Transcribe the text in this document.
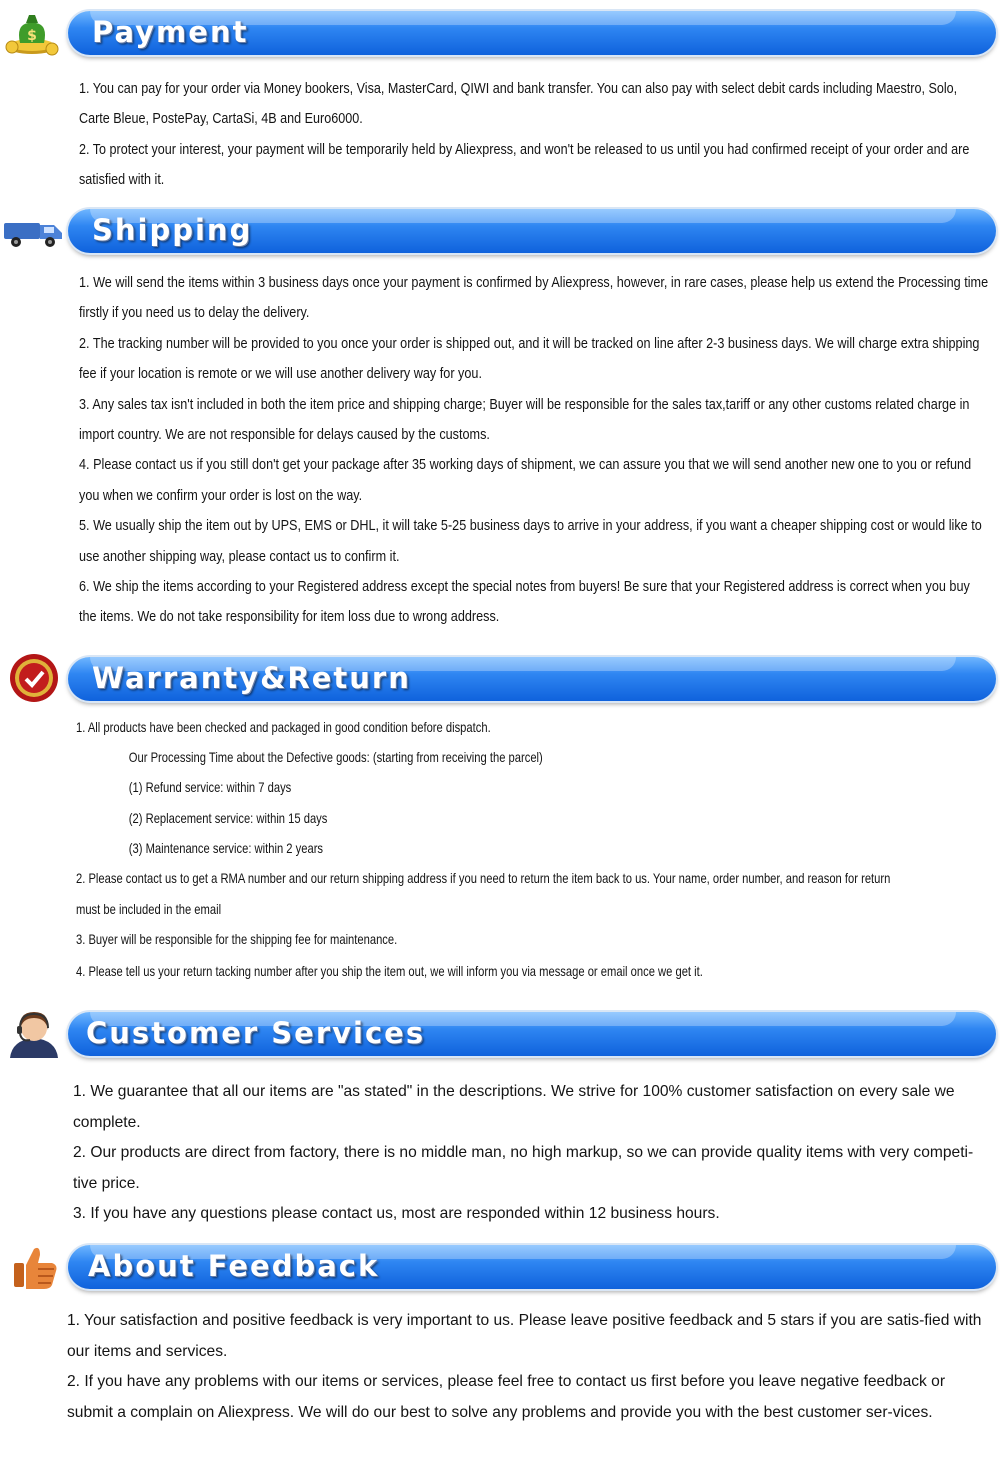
$ Payment

1. You can pay for your order via Money bookers, Visa, MasterCard, QIWI and bank transfer. You can also pay with select debit cards including Maestro, Solo, Carte Bleue, PostePay, CartaSi, 4B and Euro6000.
2. To protect your interest, your payment will be temporarily held by Aliexpress, and won't be released to us until you had confirmed receipt of your order and are satisfied with it.

Shipping

1. We will send the items within 3 business days once your payment is confirmed by Aliexpress, however, in rare cases, please help us extend the Processing time firstly if you need us to delay the delivery.
2. The tracking number will be provided to you once your order is shipped out, and it will be tracked on line after 2-3 business days. We will charge extra shipping fee if your location is remote or we will use another delivery way for you.
3. Any sales tax isn't included in both the item price and shipping charge; Buyer will be responsible for the sales tax,tariff or any other customs related charge in import country. We are not responsible for delays caused by the customs.
4. Please contact us if you still don't get your package after 35 working days of shipment, we can assure you that we will send another new one to you or refund you when we confirm your order is lost on the way.
5. We usually ship the item out by UPS, EMS or DHL, it will take 5-25 business days to arrive in your address, if you want a cheaper shipping cost or would like to use another shipping way, please contact us to confirm it.
6. We ship the items according to your Registered address except the special notes from buyers! Be sure that your Registered address is correct when you buy the items. We do not take responsibility for item loss due to wrong address.

Warranty&Return
1. All products have been checked and packaged in good condition before dispatch.
Our Processing Time about the Defective goods: (starting from receiving the parcel)
(1) Refund service: within 7 days
(2) Replacement service: within 15 days
(3) Maintenance service: within 2 years
2. Please contact us to get a RMA number and our return shipping address if you need to return the item back to us. Your name, order number, and reason for return
must be included in the email
3. Buyer will be responsible for the shipping fee for maintenance.
4. Please tell us your return tacking number after you ship the item out, we will inform you via message or email once we get it.
Customer Services

1. We guarantee that all our items are "as stated" in the descriptions. We strive for 100% customer satisfaction on every sale we complete.
2. Our products are direct from factory, there is no middle man, no high markup, so we can provide quality items with very competi-tive price.
3. If you have any questions please contact us, most are responded within 12 business hours.

About Feedback

1. Your satisfaction and positive feedback is very important to us. Please leave positive feedback and 5 stars if you are satis-fied with our items and services.
2. If you have any problems with our items or services, please feel free to contact us first before you leave negative feedback or submit a complain on Aliexpress. We will do our best to solve any problems and provide you with the best customer ser-vices.
